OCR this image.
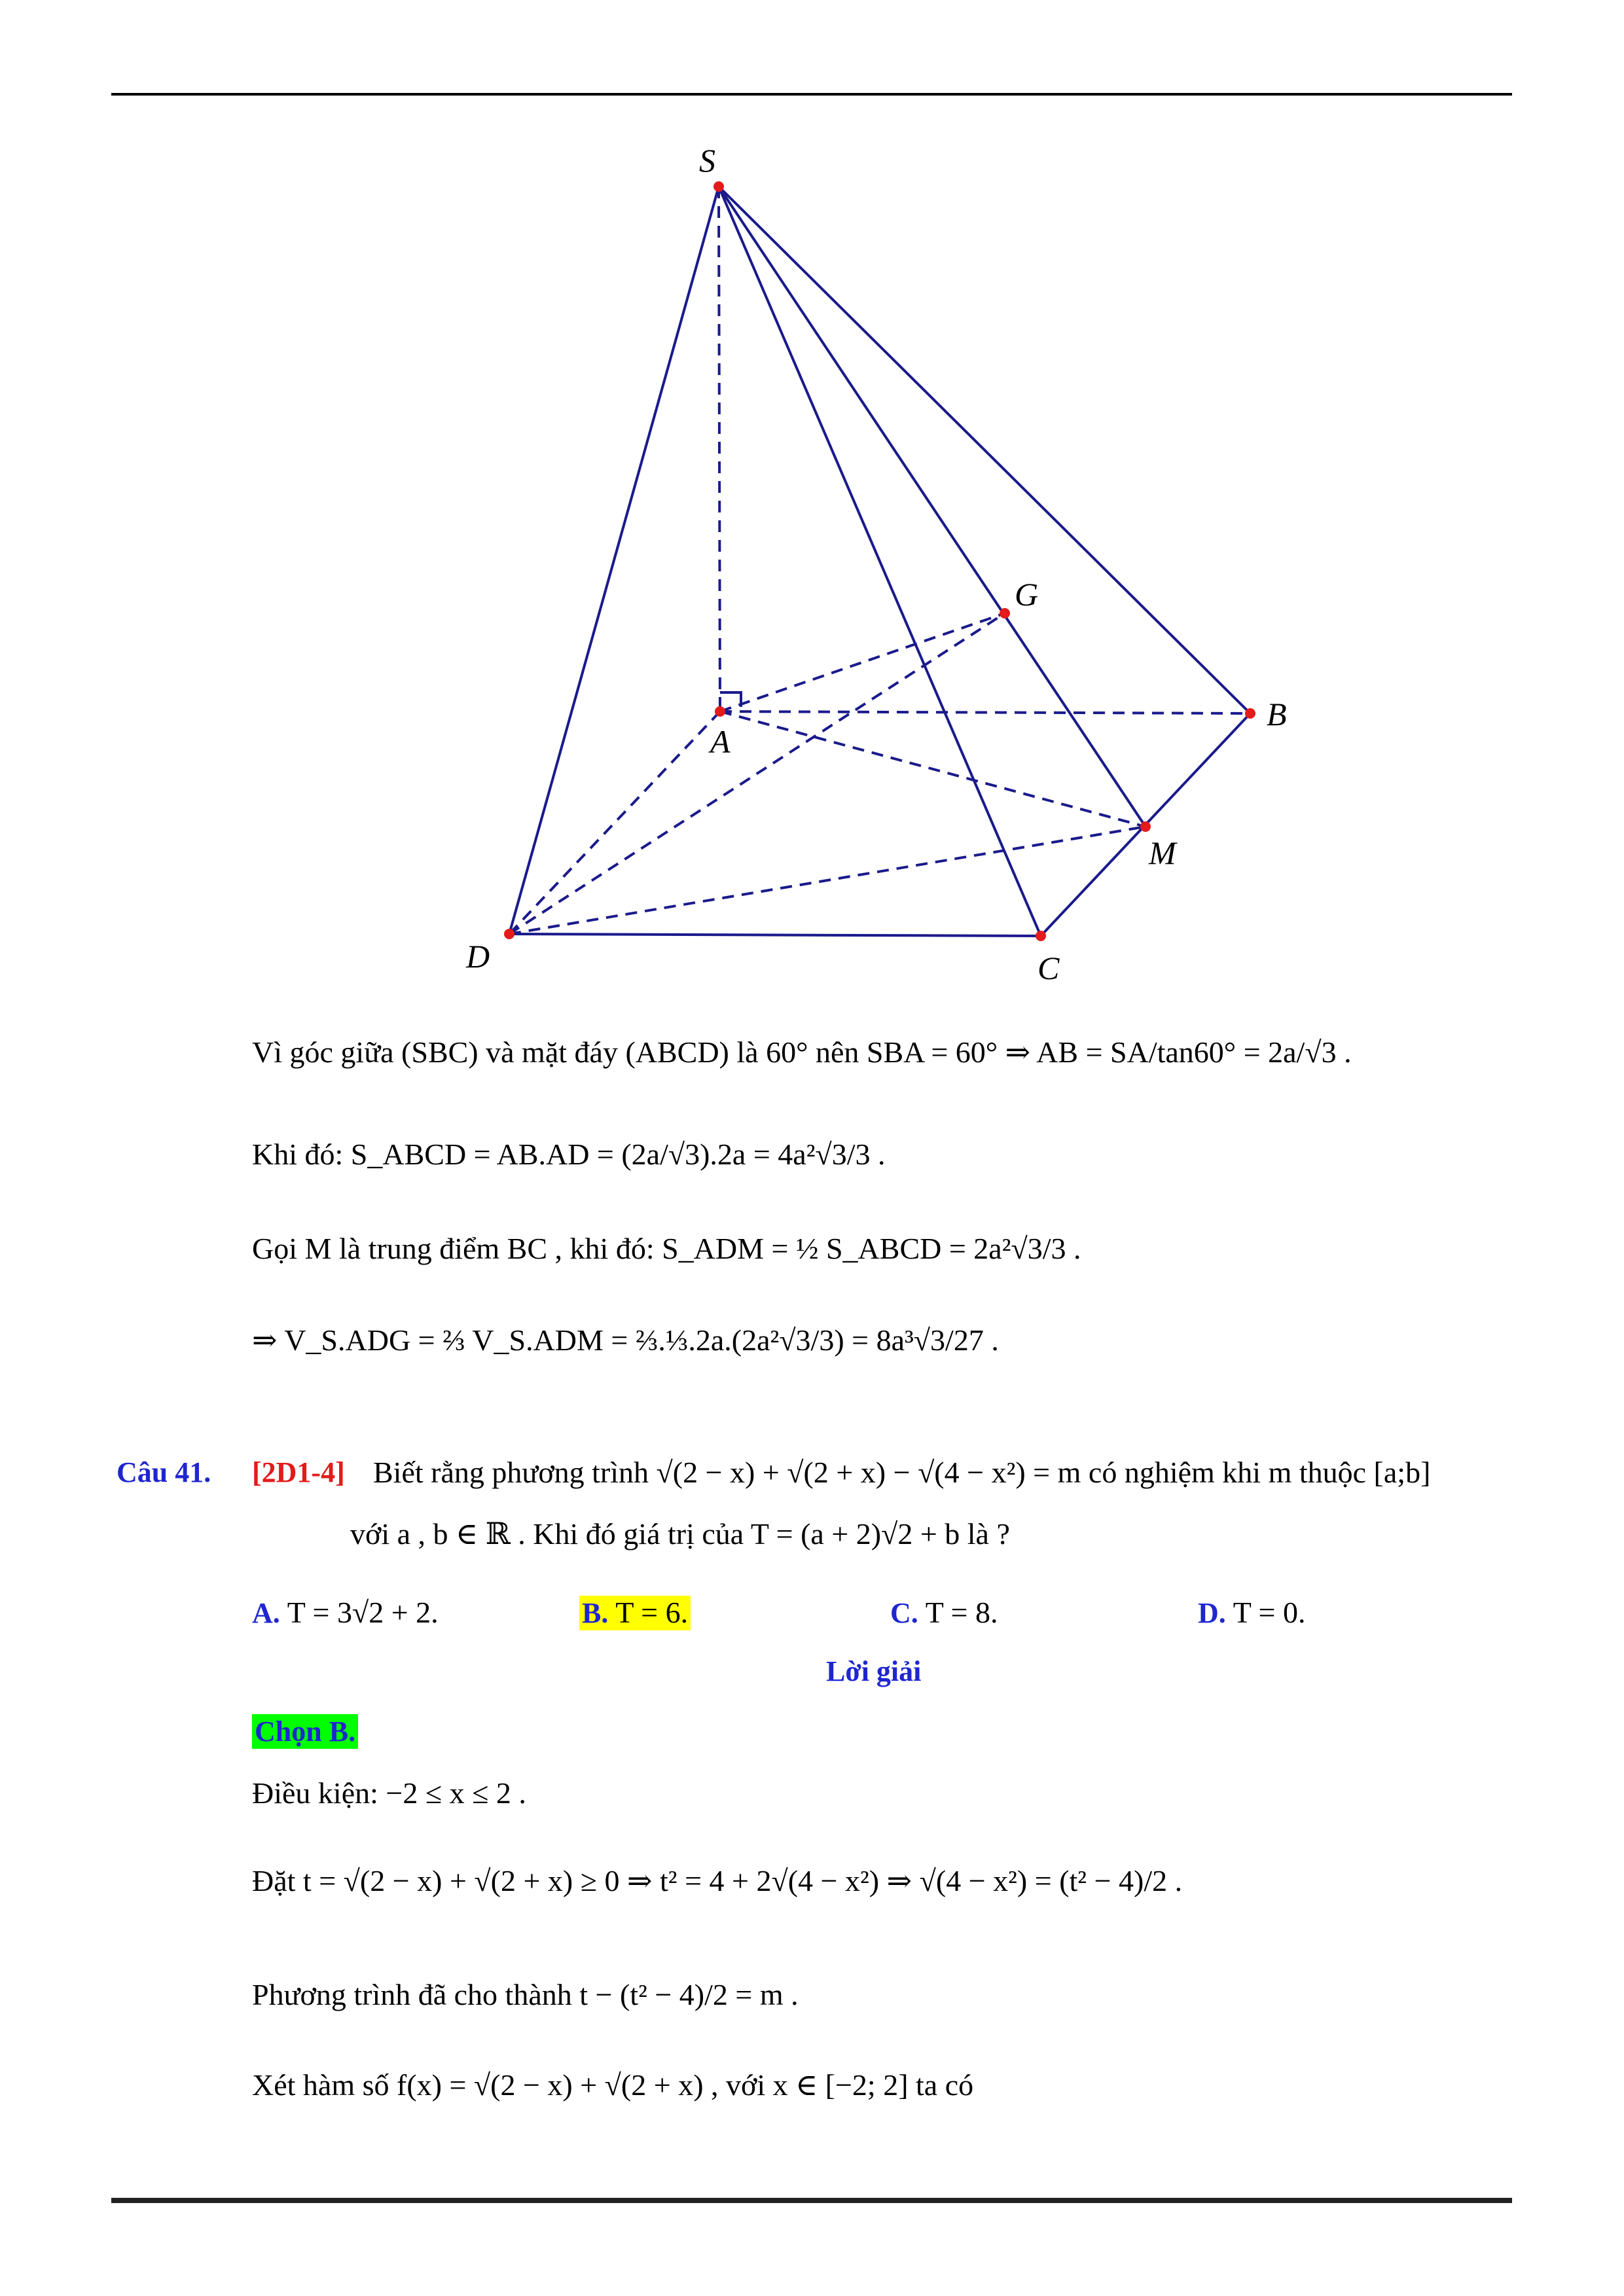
S
G
A
B
M
D	C
Vì góc giữa (SBC) và mặt đáy (ABCD) là 60° nên SBA = 60° ⇒ AB = SA/tan60° = 2a/√3 .
Khi đó: S_ABCD = AB.AD = (2a/√3).2a = 4a²√3/3 .
Gọi M là trung điểm BC , khi đó: S_ADM = ½ S_ABCD = 2a²√3/3 .
⇒ V_S.ADG = ⅔ V_S.ADM = ⅔.⅓.2a.(2a²√3/3) = 8a³√3/27 .
Câu 41. [2D1-4] Biết rằng phương trình √(2 − x) + √(2 + x) − √(4 − x²) = m có nghiệm khi m thuộc [a;b]
với a , b ∈ ℝ . Khi đó giá trị của T = (a + 2)√2 + b là ?
A. T = 3√2 + 2.	B. T = 6.	C. T = 8.	D. T = 0.
Lời giải
Chọn B.
Điều kiện: −2 ≤ x ≤ 2 .
Đặt t = √(2 − x) + √(2 + x) ≥ 0 ⇒ t² = 4 + 2√(4 − x²) ⇒ √(4 − x²) = (t² − 4)/2 .
Phương trình đã cho thành t − (t² − 4)/2 = m .
Xét hàm số f(x) = √(2 − x) + √(2 + x) , với x ∈ [−2; 2] ta có
